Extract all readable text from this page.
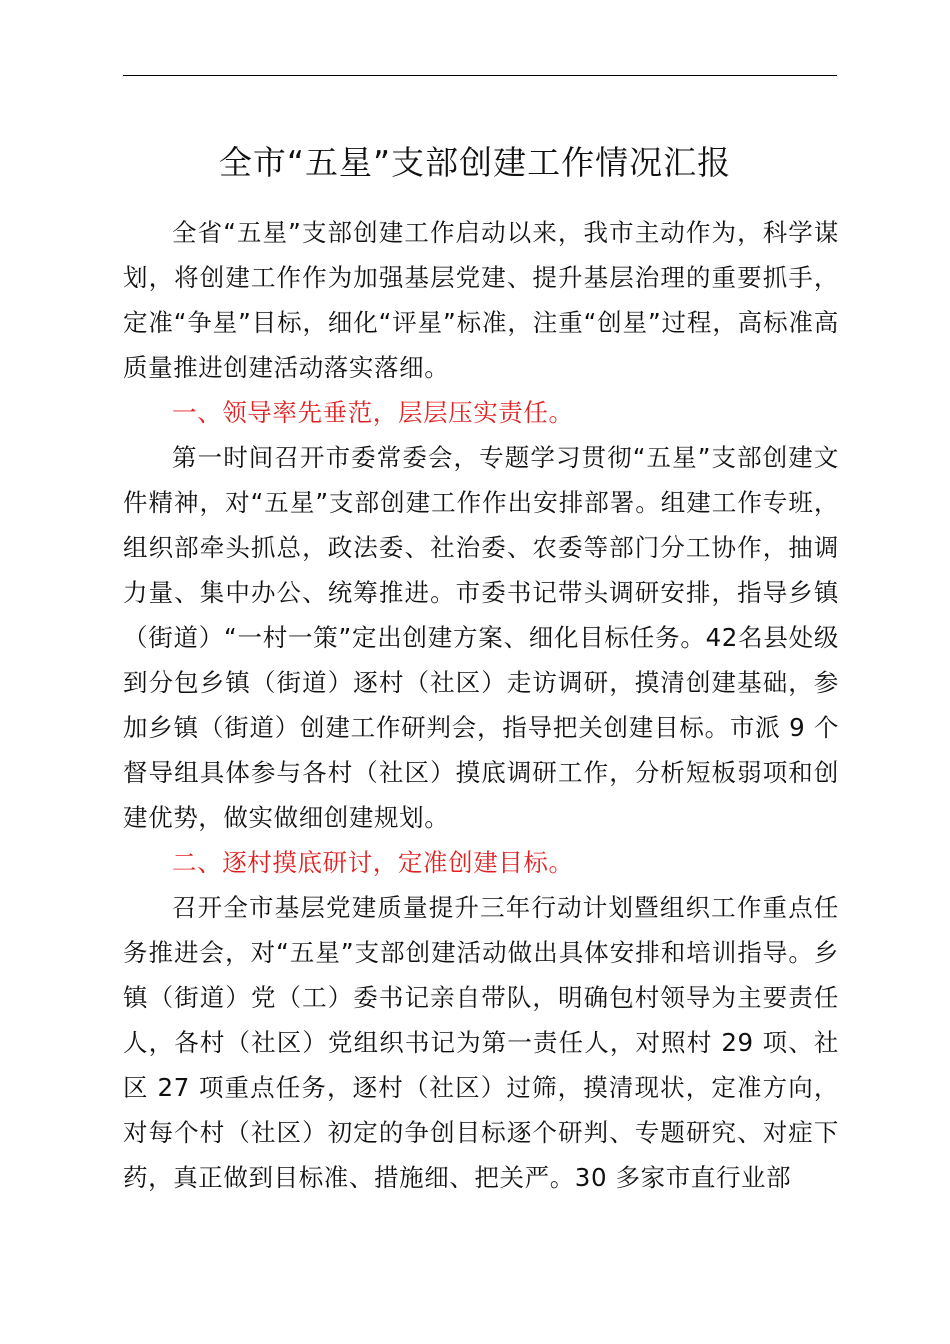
全市“五星”支部创建工作情况汇报

全省“五星”支部创建工作启动以来，我市主动作为，科学谋划，将创建工作作为加强基层党建、提升基层治理的重要抓手，定准“争星”目标，细化“评星”标准，注重“创星”过程，高标准高质量推进创建活动落实落细。

一、领导率先垂范，层层压实责任。

第一时间召开市委常委会，专题学习贯彻“五星”支部创建文件精神，对“五星”支部创建工作作出安排部署。组建工作专班，组织部牵头抓总，政法委、社治委、农委等部门分工协作，抽调力量、集中办公、统筹推进。市委书记带头调研安排，指导乡镇（街道）“一村一策”定出创建方案、细化目标任务。42名县处级到分包乡镇（街道）逐村（社区）走访调研，摸清创建基础，参加乡镇（街道）创建工作研判会，指导把关创建目标。市派 9 个督导组具体参与各村（社区）摸底调研工作，分析短板弱项和创建优势，做实做细创建规划。

二、逐村摸底研讨，定准创建目标。

召开全市基层党建质量提升三年行动计划暨组织工作重点任务推进会，对“五星”支部创建活动做出具体安排和培训指导。乡镇（街道）党（工）委书记亲自带队，明确包村领导为主要责任人，各村（社区）党组织书记为第一责任人，对照村 29 项、社区 27 项重点任务，逐村（社区）过筛，摸清现状，定准方向，对每个村（社区）初定的争创目标逐个研判、专题研究、对症下药，真正做到目标准、措施细、把关严。30 多家市直行业部
